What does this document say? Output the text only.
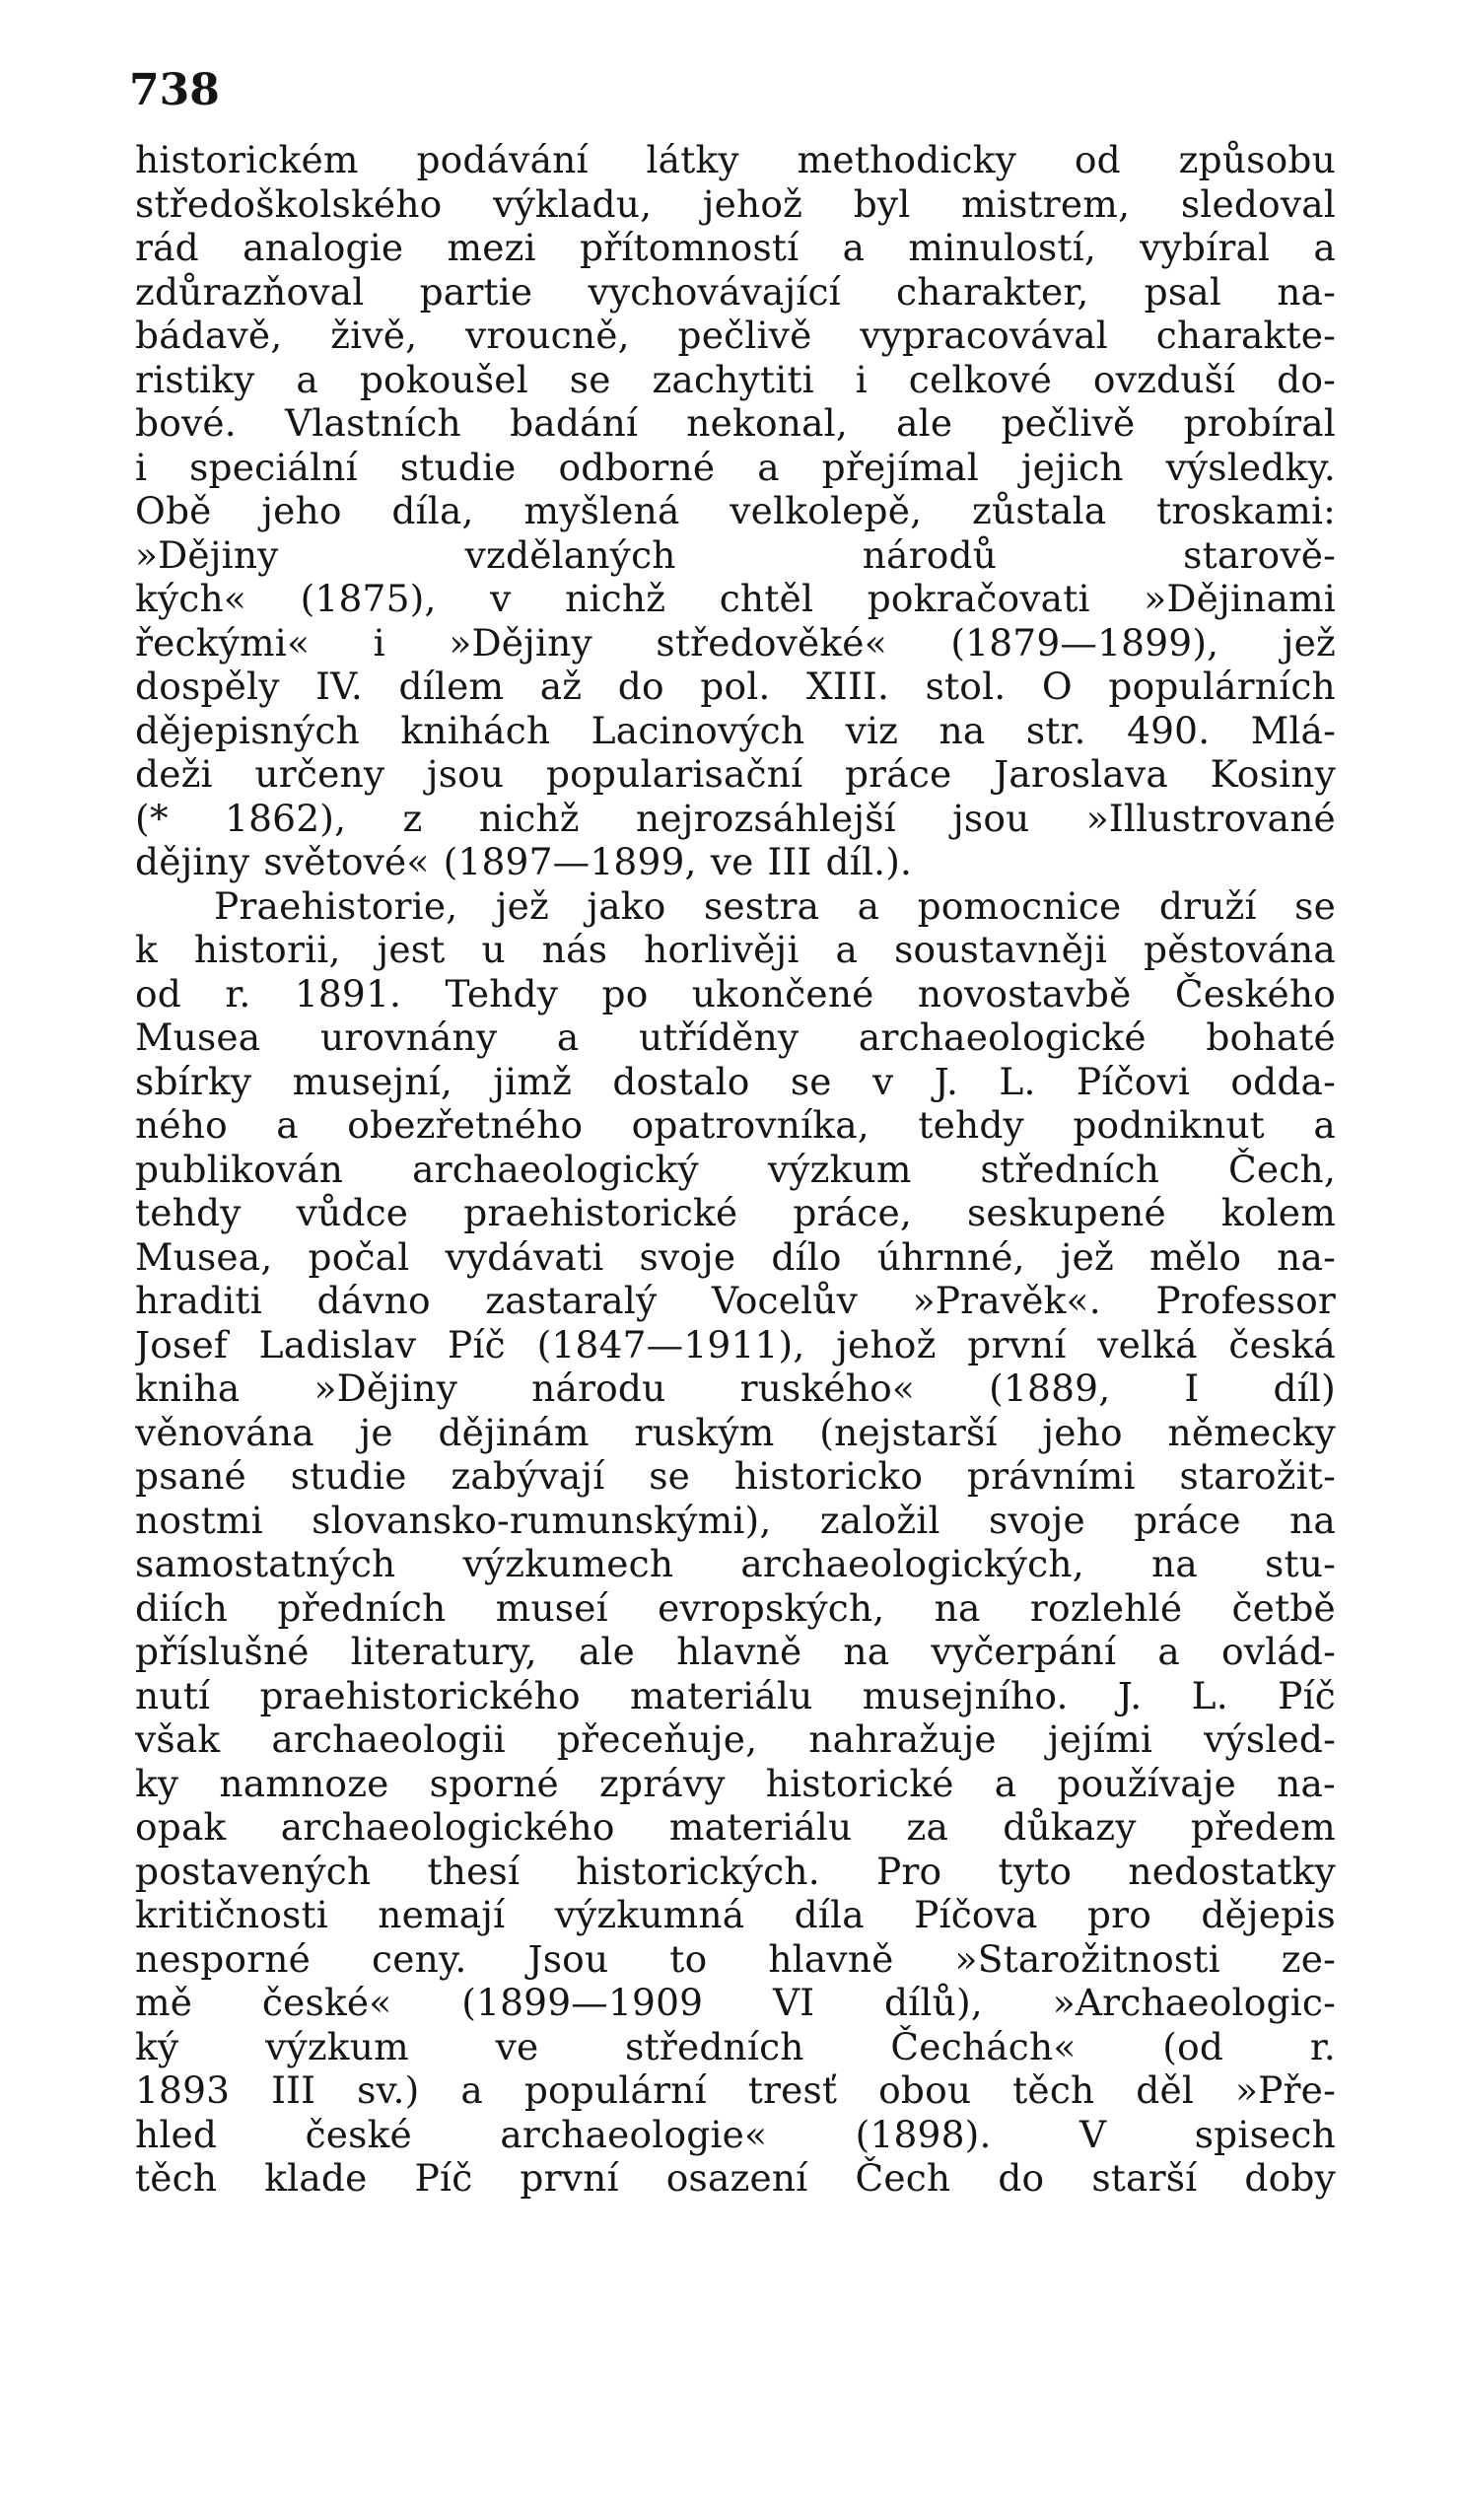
738
historickém podávání látky methodicky od způsobu
středoškolského výkladu, jehož byl mistrem, sledoval
rád analogie mezi přítomností a minulostí, vybíral a
zdůrazňoval partie vychovávající charakter, psal na-
bádavě, živě, vroucně, pečlivě vypracovával charakte-
ristiky a pokoušel se zachytiti i celkové ovzduší do-
bové. Vlastních badání nekonal, ale pečlivě probíral
i speciální studie odborné a přejímal jejich výsledky.
Obě jeho díla, myšlená velkolepě, zůstala troskami:
»Dějiny	vzdělaných	národů	starově-
kých« (1875), v nichž chtěl pokračovati »Dějinami
řeckými« i »Dějiny středověké« (1879—1899), jež
dospěly IV. dílem až do pol. XIII. stol. O populárních
dějepisných knihách Lacinových viz na str. 490. Mlá-
deži určeny jsou popularisační práce Jaroslava Kosiny
(* 1862), z nichž nejrozsáhlejší jsou »Illustrované
dějiny světové« (1897—1899, ve III díl.).
Praehistorie, jež jako sestra a pomocnice druží se
k historii, jest u nás horlivěji a soustavněji pěstována
od r. 1891. Tehdy po ukončené novostavbě Českého
Musea urovnány a utříděny archaeologické bohaté
sbírky musejní, jimž dostalo se v J. L. Píčovi odda-
ného a obezřetného opatrovníka, tehdy podniknut a
publikován archaeologický výzkum středních Čech,
tehdy vůdce praehistorické práce, seskupené kolem
Musea, počal vydávati svoje dílo úhrnné, jež mělo na-
hraditi dávno zastaralý Vocelův »Pravěk«. Professor
Josef Ladislav Píč (1847—1911), jehož první velká česká
kniha »Dějiny národu ruského« (1889, I díl)
věnována je dějinám ruským (nejstarší jeho německy
psané studie zabývají se historicko právními starožit-
nostmi slovansko-rumunskými), založil svoje práce na
samostatných výzkumech archaeologických, na stu-
diích předních museí evropských, na rozlehlé četbě
příslušné literatury, ale hlavně na vyčerpání a ovlád-
nutí praehistorického materiálu musejního. J. L. Píč
však archaeologii přeceňuje, nahražuje jejími výsled-
ky namnoze sporné zprávy historické a používaje na-
opak archaeologického materiálu za důkazy předem
postavených thesí historických. Pro tyto nedostatky
kritičnosti nemají výzkumná díla Píčova pro dějepis
nesporné ceny. Jsou to hlavně »Starožitnosti ze-
mě české« (1899—1909 VI dílů), »Archaeologic-
ký výzkum ve středních Čechách« (od r.
1893 III sv.) a populární tresť obou těch děl »Pře-
hled české archaeologie« (1898). V spisech
těch klade Píč první osazení Čech do starší doby
